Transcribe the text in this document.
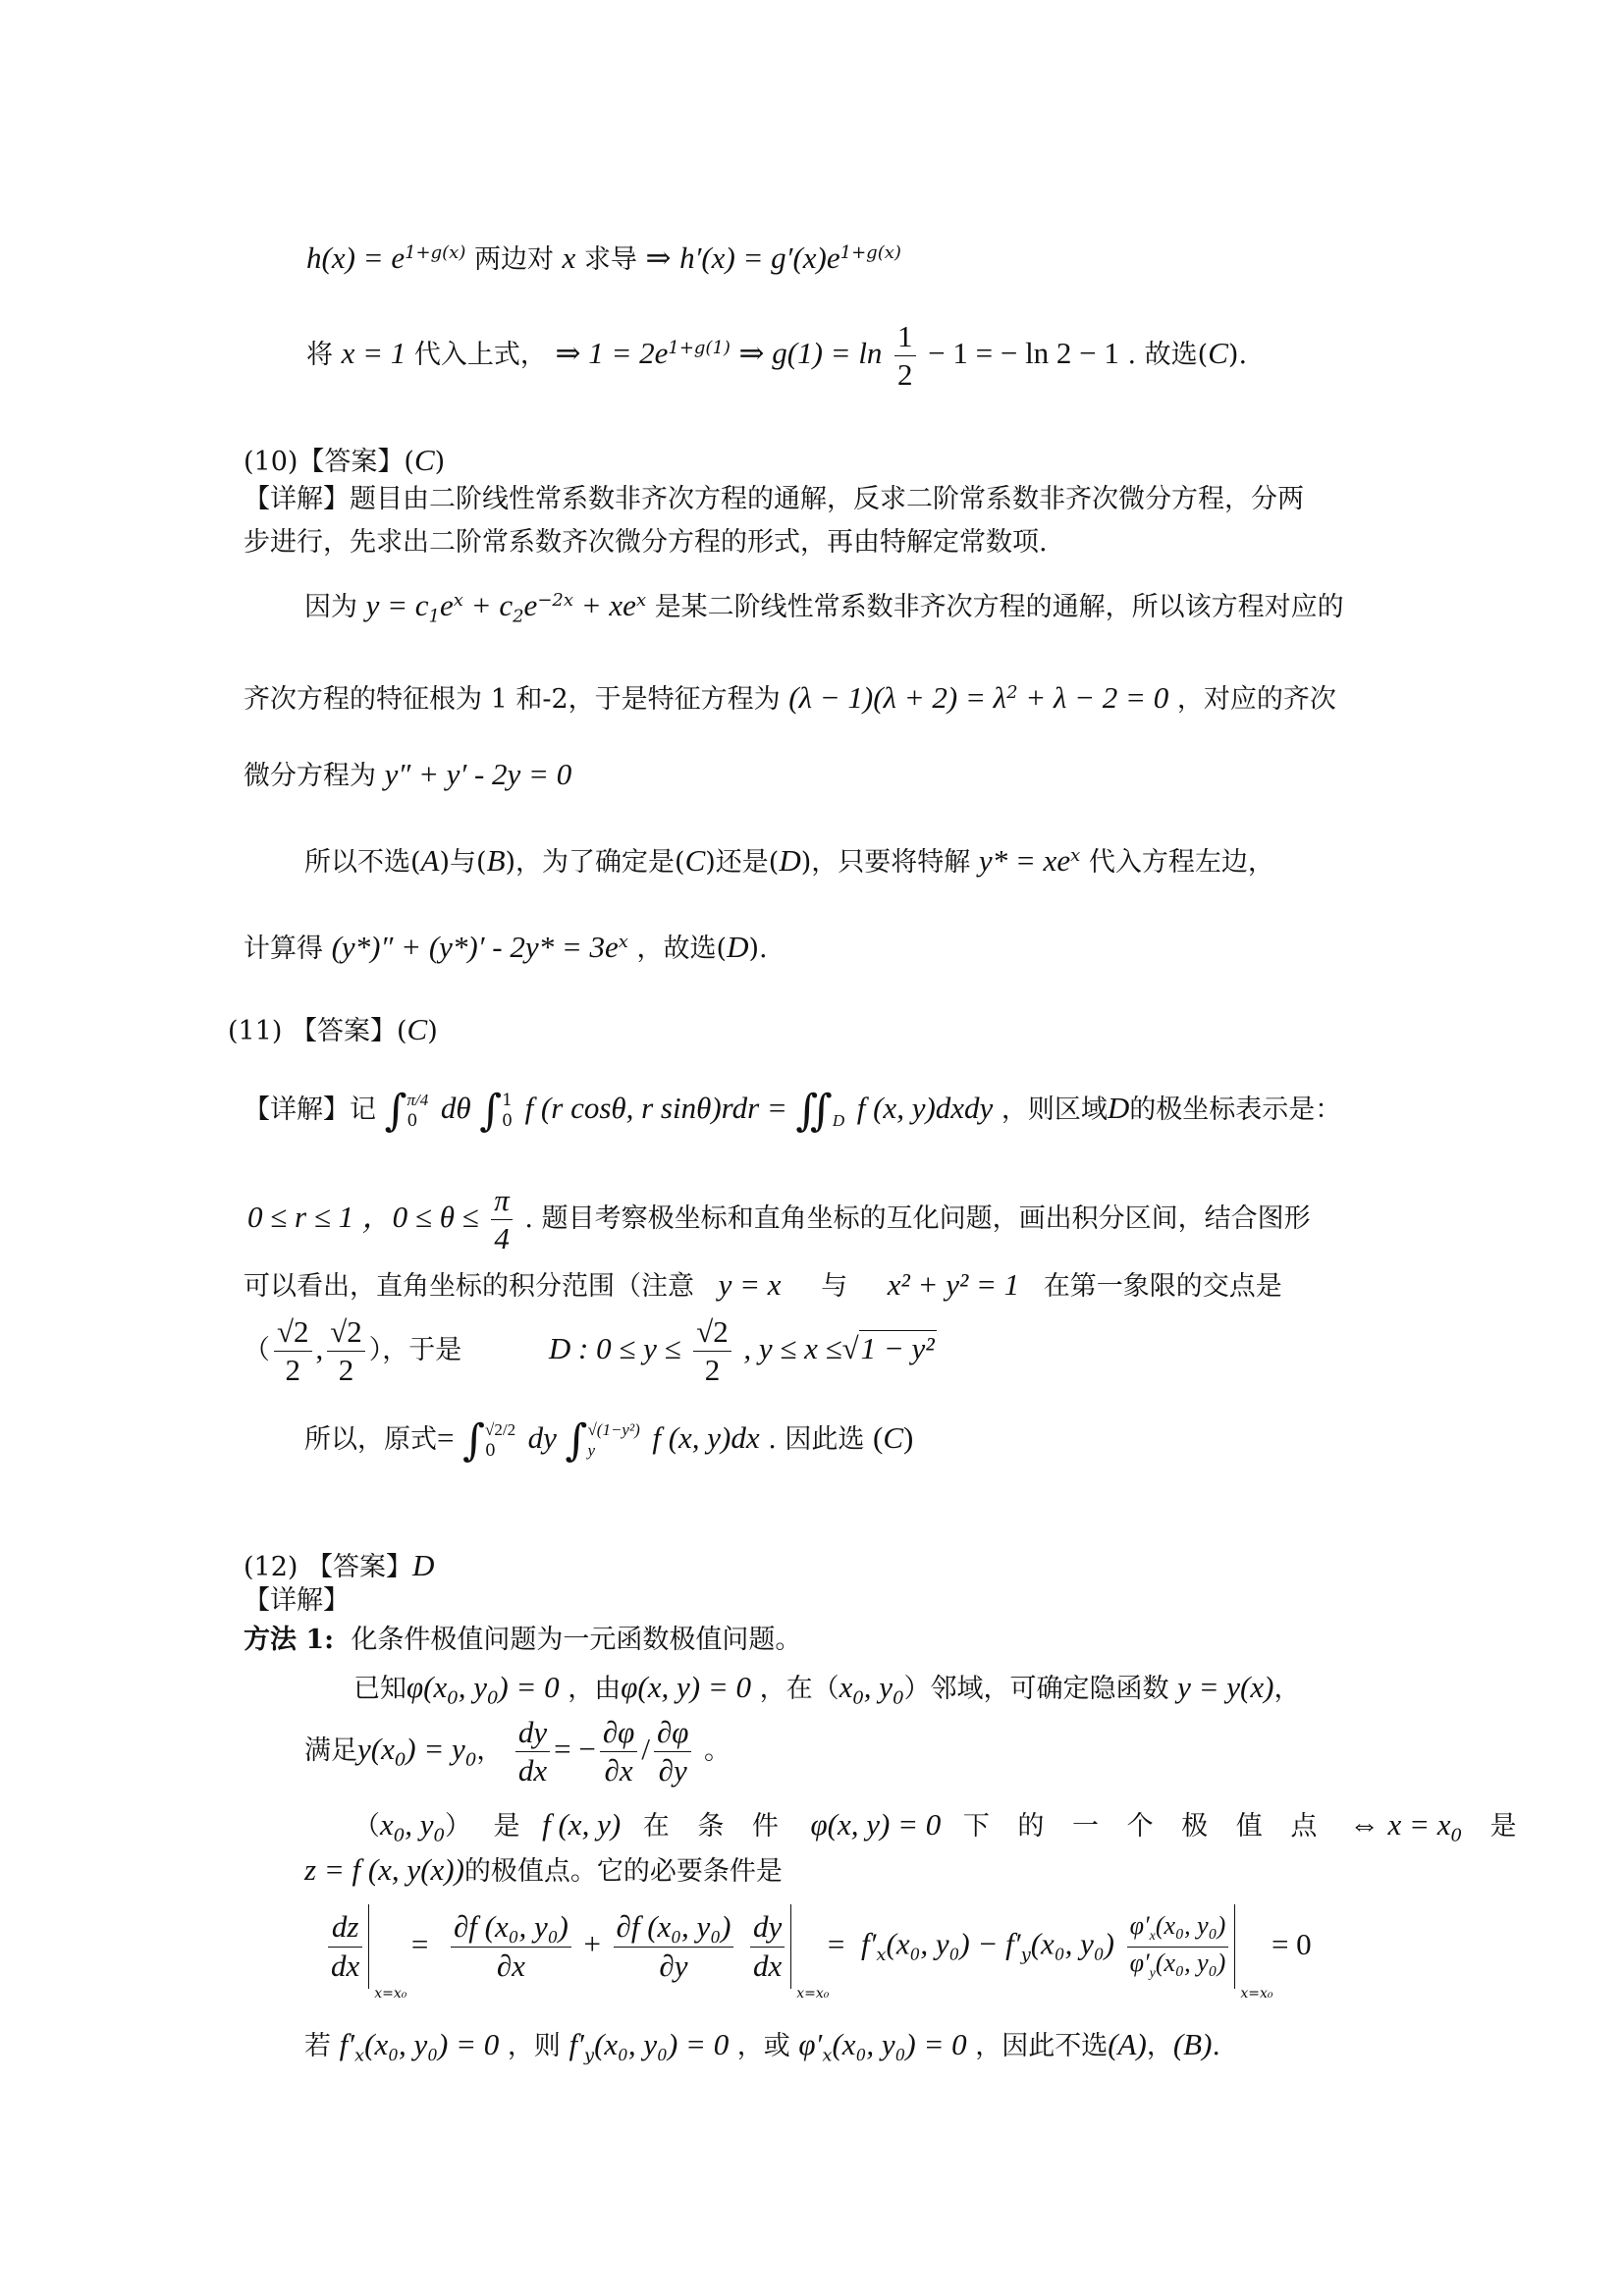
$h(x) = e^{1+g(x)}$ 两边对 x 求导 ⇒ $h'(x) = g'(x)e^{1+g(x)}$
将 x = 1 代入上式， ⇒ $1 = 2e^{1+g(1)}$ ⇒ $g(1) = \ln \frac{1}{2} - 1$ = − ln 2 − 1 . 故选(C).
(10)【答案】(C)
【详解】题目由二阶线性常系数非齐次方程的通解，反求二阶常系数非齐次微分方程，分两
步进行，先求出二阶常系数齐次微分方程的形式，再由特解定常数项.
因为 $y = c_1e^x + c_2e^{-2x} + xe^x$ 是某二阶线性常系数非齐次方程的通解，所以该方程对应的
齐次方程的特征根为 1 和-2，于是特征方程为 $(\lambda - 1)(\lambda + 2) = \lambda^2 + \lambda - 2 = 0$ ，对应的齐次
微分方程为 y″ + y′ - 2y = 0
所以不选(A)与(B)，为了确定是(C)还是(D)，只要将特解 $y* = xe^x$ 代入方程左边，
计算得 $(y*)'' + (y*)' - 2y* = 3e^x$ ，故选(D).
(11) 【答案】(C)
【详解】记 ∫ π/4
0 dθ ∫ 1
0 f (r cosθ, r sinθ)rdr = ∬
D f (x, y)dxdy ，则区域D的极坐标表示是：
0 ≤ r ≤ 1 ，$0 \le \theta \le \frac{\pi}{4}$ . 题目考察极坐标和直角坐标的互化问题，画出积分区间，结合图形
可以看出，直角坐标的积分范围（注意 y = x 与 x² + y² = 1 在第一象限的交点是
（ $\frac{√2}{2}$ , $\frac{√2}{2}$ ），于是	D : $0 \le y \le \frac{√2}{2}$ , y ≤ x ≤√1 − y²
所以，原式= ∫ √2/2
0	dy ∫ √(1−y²)
y	f (x, y)dx . 因此选 (C)
(12) 【答案】D
【详解】
方法 1: 化条件极值问题为一元函数极值问题。
已知$\varphi(x_0$, $y_0) = 0$ ，由φ(x, y) = 0 ，在（$x_0$, $y_0$）邻域，可确定隐函数 y = y(x)，
满足$y(x_0) = y_0$， $\frac{dy}{dx}$ = − $\frac{\partial\varphi}{\partial x} / \frac{\partial\varphi}{\partial y}$ 。
（$x_0$, $y_0$） 是 f (x, y) 在 条 件 φ(x, y) = 0 下 的 一 个 极 值 点 ⇔ $x = x_0$ 是
z = f (x, y(x))的极值点。它的必要条件是
$\frac{dz}{dx}$
x=x₀
= $\frac{\text{∂f (x₀, y₀)}}{\partial x} + \frac{\text{∂f (x₀, y₀)}}{\partial y}$
$\frac{dy}{dx}$
x=x₀
= $f'_x(x_0$, $y_0) - f'_y(x_0$, $y_0) \frac{\varphi'_x(x_0, y_0)}{\varphi'_y(x_0, y_0)}$
x=x₀
= 0
若 $f'_x(x_0$, y₀) = 0 ，则 $f'_y(x_0$, y₀) = 0 ，或 $\varphi'_x(x_0$, y₀) = 0 ，因此不选(A)，(B).
